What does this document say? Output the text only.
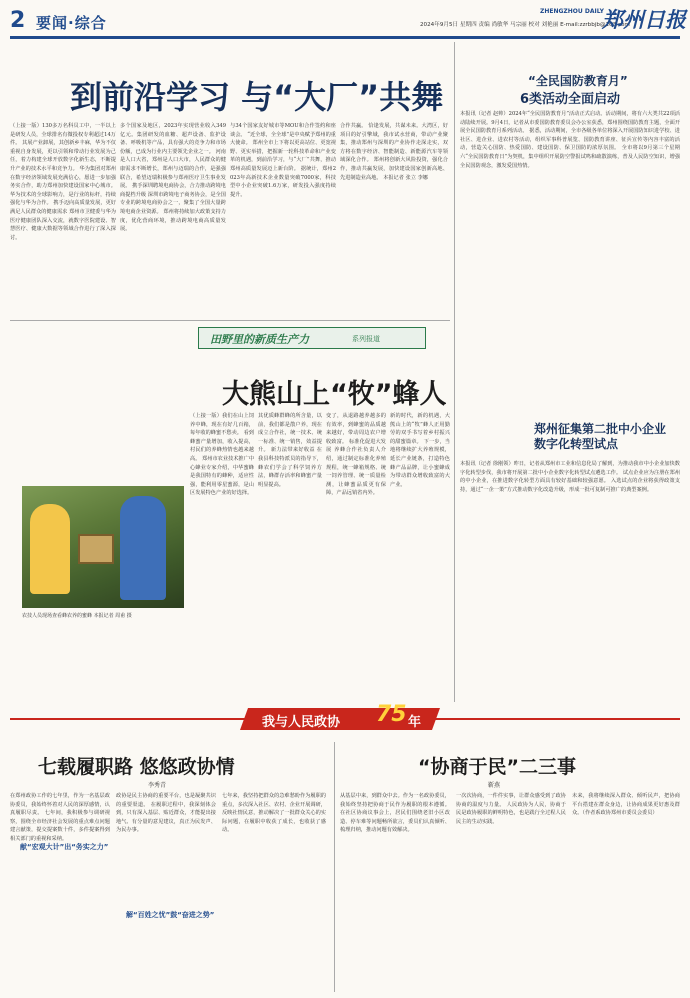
2 要闻·综合	2024年9月5日 星期四 责编 尚敏华 马宗丽 校对 刘艳丽 E-mail:zzrbbjb@163.com
ZHENGZHOU DAILY
郑州日报
到前沿学习 与“大厂”共舞
（上接一版）130多万名科员工中，一半以上是研发人员，全球排名有微投权专利超过14万件。 其展产业卸展，其创新乡丰麻，华为不仅重视自身发展，更以引领和带动行业发展为己任，着力构建全球开放数字化新生态，不断提升产业的技术水平和竞争力。 华为集团对郑州在数字经济领域发展充满信心，愿进一步加强务实合作，助力郑州加快建设国家中心城市。 华为技术的全球影响力，是行业的标杆，持续强化与华为合作。 携手迈向高质量发展，更好满足人民群众的健康需求 郑州市卫健委与华为医疗健康团队深入交流，就数字医院建设、智慧医疗、健康大数据等领域合作进行了深入探讨。
多个国家及地区，2023年实现营业收入349亿元。集团研发的血糖、超声设备、监护设备、呼吸机等产品，具有强大的竞争力和市场份额，已成为行业内主要领先企业之一。 河南是人口大省，郑州是人口大市，人民群众的健康需求不断增长，郑州与迈瑞的合作，是强强联合，希望迈瑞积极参与郑州医疗卫生事业发展。 携手深圳聘境电商协会，合力推动跨境电商提档升级 深圳市跨境电子商务协会，是全国专业的跨境电商协会之一，聚集了全国大量跨境电商企业资源。 郑州将持续加大政策支持力度，优化营商环境，推动跨境电商高质量发展。
与34个国家友好城市等MOU和合作签约和座谈会。 “近全球，全全球”是中央赋予郑州的重大使命。 郑州全市上下将以更高站位、更宽视野、更实举措，把握新一轮科技革命和产业变革的机遇，到前沿学习，与“大厂”共舞，推动郑州高质量发展迈上新台阶。 据统计，郑州2023年高新技术企业数量突破7000家，科技型中小企业突破1.6万家，研发投入强度持续提升。
合作共赢。 恰逢发展，共谋未来。大湾区，好项目的好引擎域，我市试水营商，带动产业聚集，推动郑州与深圳的产业协作走深走实，双方将在数字经济、智能制造、新能源汽车等领域深化合作。 郑州将创新大风险投资，强化合作，推动共赢发展，加快建设国家创新高地、先进制造业高地。 本报记者 张立 李娜
“全民国防教育月”
6类活动全面启动
本报讯（记者 赵帅）2024年“全民国防教育月”活动正式启动。活动期间，将有六大类共22项活动陆续开展。9月4日，记者从市委国防教育委员会办公室获悉，郑州围绕国防教育主题，全面开展全民国防教育月系列活动。 据悉，活动期间，全市各级各单位将深入开展国防知识进学校、进社区、进企业、进农村等活动，组织军事科普展览、国防教育讲座、征兵宣传等内容丰富的活动，营造关心国防、热爱国防、建设国防、保卫国防的浓厚氛围。 全市将以9月第三个星期六“全民国防教育日”为契机，集中组织开展防空警报试鸣和疏散演练，普及人民防空知识，增强全民国防观念，激发爱国热情。
郑州征集第二批中小企业数字化转型试点
本报讯（记者 徐刚领）昨日，记者从郑州市工业和信息化局了解到，为推动我市中小企业加快数字化转型步伐，我市将开展第二批中小企业数字化转型试点遴选工作。 试点企业应为注册在郑州的中小企业，在推进数字化转型方面具有较好基础和较强意愿。 入选试点的企业将获得政策支持，通过“一企一策”方式推动数字化改造升级，形成一批可复制可推广的典型案例。
田野里的新质生产力	系列报道
大熊山上“牧”蜂人
农技人员现场查看蜂农养的蜜蜂 本报记者 周甫 摄
（上接一版）我们在山上饲养中蜂，现在有好几百箱，每年收的蜂蜜不愁卖。 看到蜂蜜产量增加，收入提高，村民们的养蜂热情也越来越高。 郑州市农业技术推广中心蜂业专家介绍，中华蜜蜂是我国特有的蜂种，适应性强，能利用零星蜜源，是山区发展特色产业的好选择。
其优质蜂群蜂的所含量，以前，我们都是散户养，现在成立合作社，统一技术、统一标准、统一销售，效益提升。 新力法带来好收益 在我县科技特派员的指导下，蜂农们学会了科学饲养方法，蜂群存活率和蜂蜜产量明显提高。
变了，从退路越养越多的有效率，到蜂蜜的品质越来越好，带动周边农户增收致富。 标准化促进大发展 养蜂合作社负责人介绍，通过制定标准化养殖规程，统一蜂箱规格、统一饲养管理、统一质量检测，让蜂蜜品质更有保障，产品远销省内外。
新的时代，新的机遇，大熊山上的“牧”蜂人正用勤劳的双手书写着乡村振兴的甜蜜篇章。 下一步，当地将继续扩大养殖规模，延长产业链条，打造特色蜂产品品牌，让小蜜蜂成为带动群众增收致富的大产业。
我与人民政协 75 年
七载履职路 悠悠政协情
李秀青
在郑州政协工作的七年里，作为一名基层政协委员，我始终怀着对人民的深厚感情，认真履职尽责。 七年间，我积极参与调研视察，围绕全市经济社会发展的重点难点问题建言献策，提交提案数十件，多件提案得到相关部门的重视和采纳。
献“宏观大计”出“务实之力”
政协是民主协商的重要平台，也是凝聚共识的重要渠道。 在履职过程中，我深刻体会到，只有深入基层、贴近群众，才能提出接地气、有分量的意见建议，真正为民发声、为民办事。
解“百姓之忧”鼓“奋进之势”
七年来，我坚持把群众的急难愁盼作为履职的重点，多次深入社区、农村、企业开展调研，反映社情民意，推动解决了一批群众关心的实际问题，在履职中收获了成长，也收获了感动。
“协商于民”二三事
靳燕
从基层中来，到群众中去。作为一名政协委员，我始终坚持把协商于民作为履职的根本遵循。 在社区协商议事会上，居民们围绕老旧小区改造、停车难等问题畅所欲言，委员们认真倾听、梳理归纳，推动问题有效解决。
一次次协商，一件件实事，让群众感受到了政协协商的温度与力量。 人民政协为人民，协商于民是政协履职的鲜明特色，也是践行全过程人民民主的生动实践。
未来，我将继续深入群众、倾听民声，把协商平台搭建在群众身边，让协商成果更好惠及群众。（作者系政协郑州市委员会委员）
